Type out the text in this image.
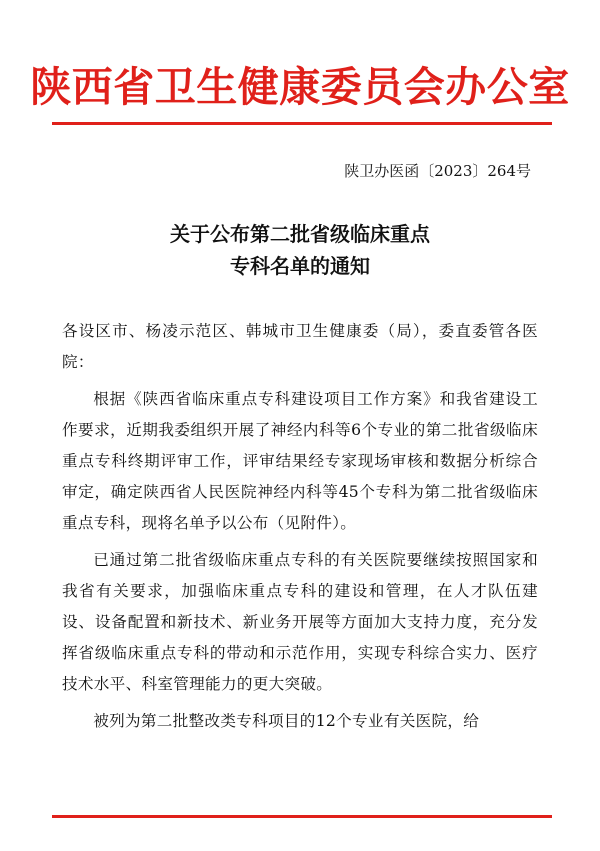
陕西省卫生健康委员会办公室
陕卫办医函〔2023〕264号
关于公布第二批省级临床重点
专科名单的通知

各设区市、杨凌示范区、韩城市卫生健康委（局），委直委管各医院：

根据《陕西省临床重点专科建设项目工作方案》和我省建设工作要求，近期我委组织开展了神经内科等6个专业的第二批省级临床重点专科终期评审工作，评审结果经专家现场审核和数据分析综合审定，确定陕西省人民医院神经内科等45个专科为第二批省级临床重点专科，现将名单予以公布（见附件）。

已通过第二批省级临床重点专科的有关医院要继续按照国家和我省有关要求，加强临床重点专科的建设和管理，在人才队伍建设、设备配置和新技术、新业务开展等方面加大支持力度，充分发挥省级临床重点专科的带动和示范作用，实现专科综合实力、医疗技术水平、科室管理能力的更大突破。

被列为第二批整改类专科项目的12个专业有关医院，给
